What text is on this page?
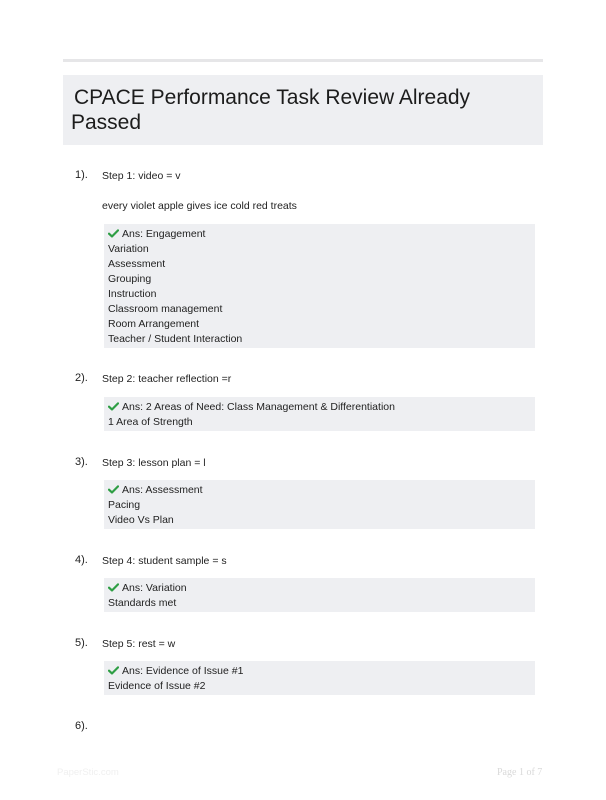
CPACE Performance Task Review Already Passed
1). Step 1: video = v
every violet apple gives ice cold red treats
Ans: Engagement
Variation
Assessment
Grouping
Instruction
Classroom management
Room Arrangement
Teacher / Student Interaction
2). Step 2: teacher reflection =r
Ans: 2 Areas of Need: Class Management & Differentiation
1 Area of Strength
3). Step 3: lesson plan = l
Ans: Assessment
Pacing
Video Vs Plan
4). Step 4: student sample = s
Ans: Variation
Standards met
5). Step 5: rest = w
Ans: Evidence of Issue #1
Evidence of Issue #2
6).
PaperStic.com	Page 1 of 7
